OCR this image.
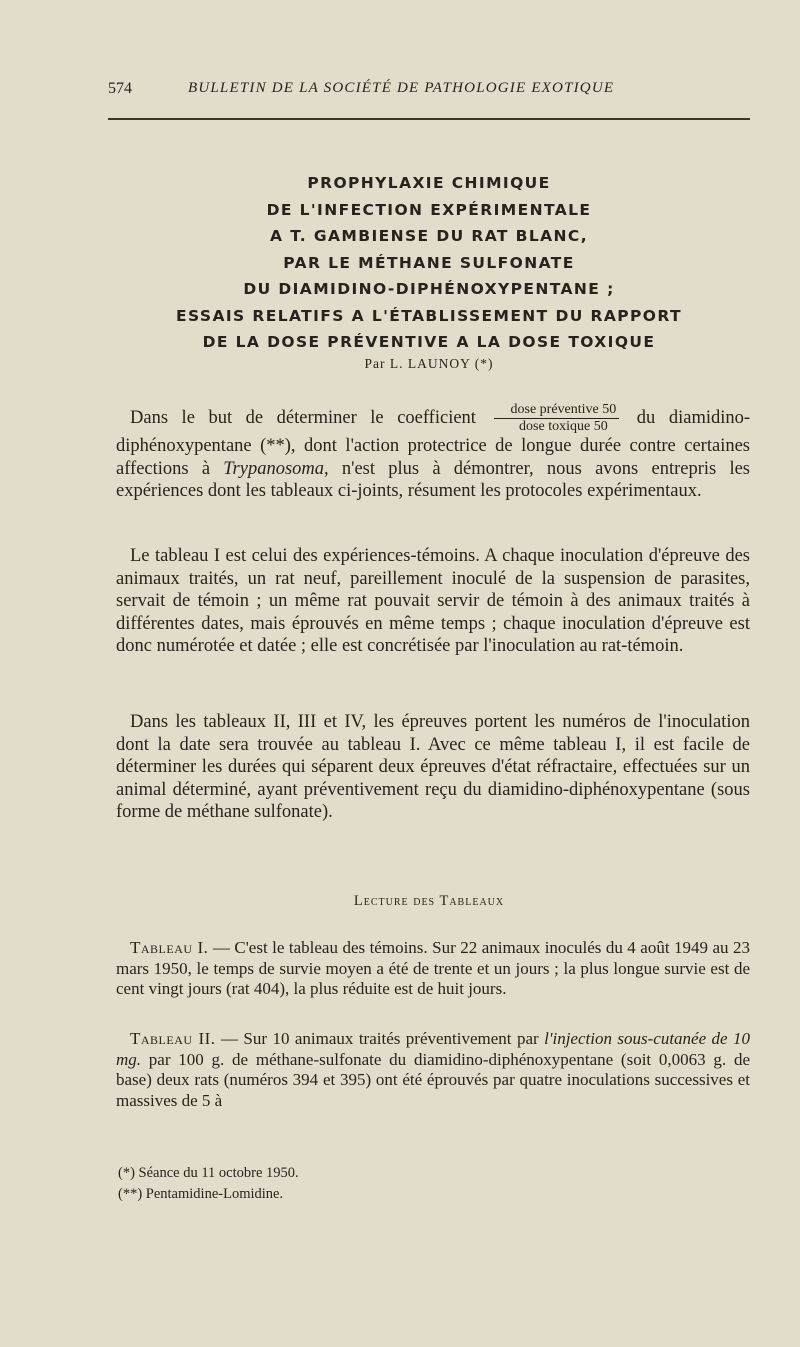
574	BULLETIN DE LA SOCIÉTÉ DE PATHOLOGIE EXOTIQUE
PROPHYLAXIE CHIMIQUE
DE L'INFECTION EXPÉRIMENTALE
A T. GAMBIENSE DU RAT BLANC,
PAR LE MÉTHANE SULFONATE
DU DIAMIDINO-DIPHÉNOXYPENTANE ;
ESSAIS RELATIFS A L'ÉTABLISSEMENT DU RAPPORT
DE LA DOSE PRÉVENTIVE A LA DOSE TOXIQUE
Par L. LAUNOY (*)

Dans le but de déterminer le coefficient $\frac{\text{dose préventive 50}}{\text{dose toxique 50}}$ du diamidino-diphénoxypentane (**), dont l'action protectrice de longue durée contre certaines affections à Trypanosoma, n'est plus à démontrer, nous avons entrepris les expériences dont les tableaux ci-joints, résument les protocoles expérimentaux.

Le tableau I est celui des expériences-témoins. A chaque inoculation d'épreuve des animaux traités, un rat neuf, pareillement inoculé de la suspension de parasites, servait de témoin ; un même rat pouvait servir de témoin à des animaux traités à différentes dates, mais éprouvés en même temps ; chaque inoculation d'épreuve est donc numérotée et datée ; elle est concrétisée par l'inoculation au rat-témoin.

Dans les tableaux II, III et IV, les épreuves portent les numéros de l'inoculation dont la date sera trouvée au tableau I. Avec ce même tableau I, il est facile de déterminer les durées qui séparent deux épreuves d'état réfractaire, effectuées sur un animal déterminé, ayant préventivement reçu du diamidino-diphénoxypentane (sous forme de méthane sulfonate).

Lecture des Tableaux

Tableau I. — C'est le tableau des témoins. Sur 22 animaux inoculés du 4 août 1949 au 23 mars 1950, le temps de survie moyen a été de trente et un jours ; la plus longue survie est de cent vingt jours (rat 404), la plus réduite est de huit jours.

Tableau II. — Sur 10 animaux traités préventivement par l'injection sous-cutanée de 10 mg. par 100 g. de méthane-sulfonate du diamidino-diphénoxypentane (soit 0,0063 g. de base) deux rats (numéros 394 et 395) ont été éprouvés par quatre inoculations successives et massives de 5 à

(*) Séance du 11 octobre 1950.
(**) Pentamidine-Lomidine.
